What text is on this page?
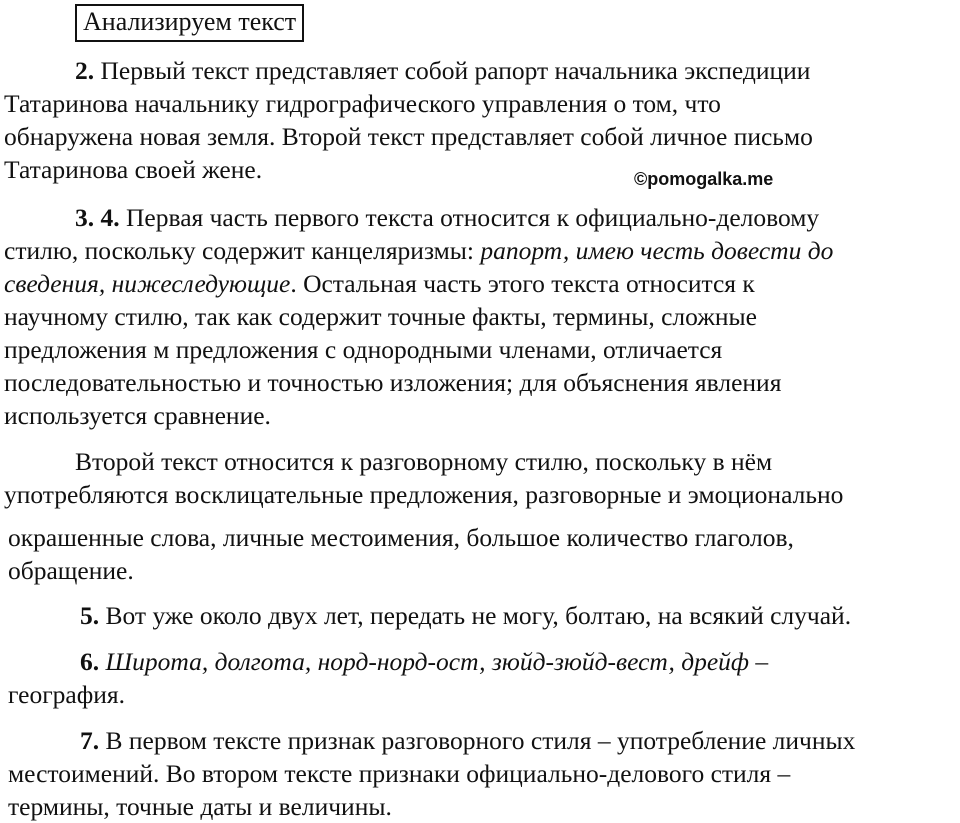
Анализируем текст
2. Первый текст представляет собой рапорт начальника экспедиции
Татаринова начальнику гидрографического управления о том, что
обнаружена новая земля. Второй текст представляет собой личное письмо
Татаринова своей жене.	©pomogalka.me
3. 4. Первая часть первого текста относится к официально-деловому
стилю, поскольку содержит канцеляризмы: рапорт, имею честь довести до
сведения, нижеследующие. Остальная часть этого текста относится к
научному стилю, так как содержит точные факты, термины, сложные
предложения м предложения с однородными членами, отличается
последовательностью и точностью изложения; для объяснения явления
используется сравнение.
Второй текст относится к разговорному стилю, поскольку в нём
употребляются восклицательные предложения, разговорные и эмоционально
окрашенные слова, личные местоимения, большое количество глаголов,
обращение.
5. Вот уже около двух лет, передать не могу, болтаю, на всякий случай.
6. Широта, долгота, норд-норд-ост, зюйд-зюйд-вест, дрейф –
география.
7. В первом тексте признак разговорного стиля – употребление личных
местоимений. Во втором тексте признаки официально-делового стиля –
термины, точные даты и величины.
